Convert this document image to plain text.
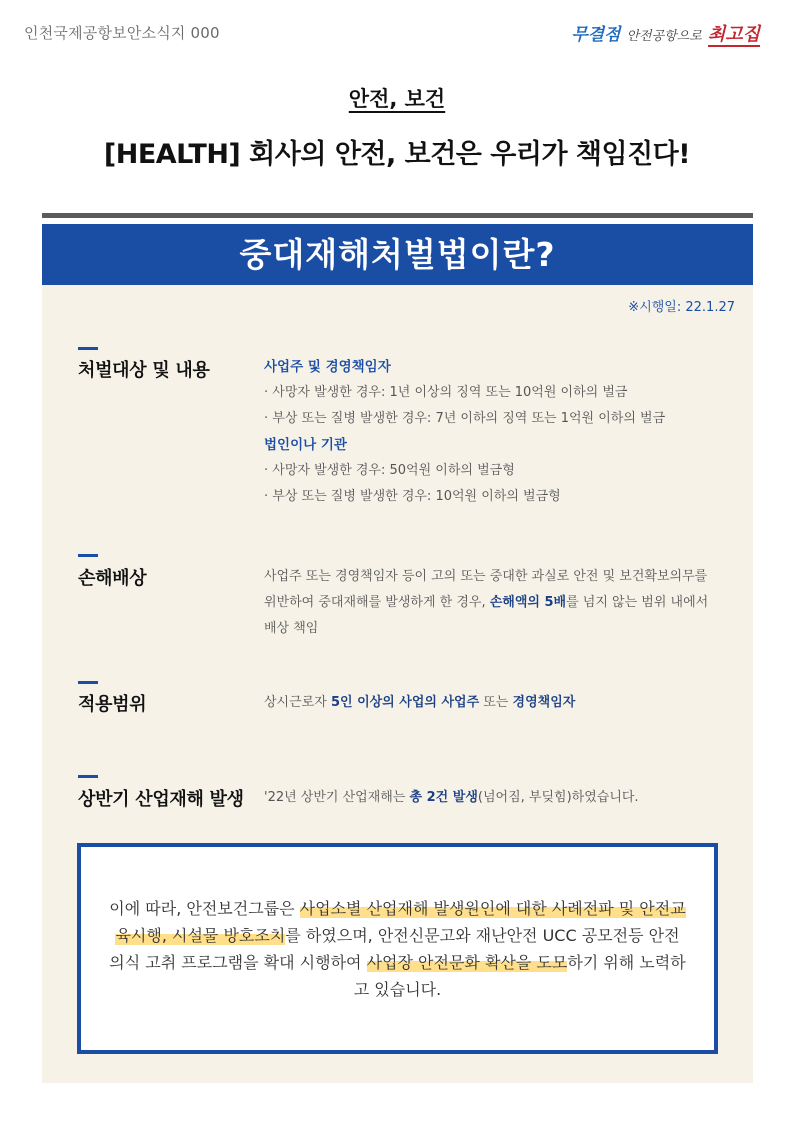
인천국제공항보안소식지 000	무결점 안전공항으로 최고집
안전, 보건
[HEALTH] 회사의 안전, 보건은 우리가 책임진다!
중대재해처벌법이란?
※시행일: 22.1.27
처벌대상 및 내용	사업주 및 경영책임자
· 사망자 발생한 경우: 1년 이상의 징역 또는 10억원 이하의 벌금
· 부상 또는 질병 발생한 경우: 7년 이하의 징역 또는 1억원 이하의 벌금
법인이나 기관
· 사망자 발생한 경우: 50억원 이하의 벌금형
· 부상 또는 질병 발생한 경우: 10억원 이하의 벌금형
손해배상	사업주 또는 경영책임자 등이 고의 또는 중대한 과실로 안전 및 보건확보의무를 위반하여 중대재해를 발생하게 한 경우, 손해액의 5배를 넘지 않는 범위 내에서 배상 책임

적용범위	상시근로자 5인 이상의 사업의 사업주 또는 경영책임자

상반기 산업재해 발생 '22년 상반기 산업재해는 총 2건 발생(넘어짐, 부딪힘)하였습니다.

이에 따라, 안전보건그룹은 사업소별 산업재해 발생원인에 대한 사례전파 및 안전교육시행, 시설물 방호조치를 하였으며, 안전신문고와 재난안전 UCC 공모전등 안전의식 고취 프로그램을 확대 시행하여 사업장 안전문화 확산을 도모하기 위해 노력하고 있습니다.
